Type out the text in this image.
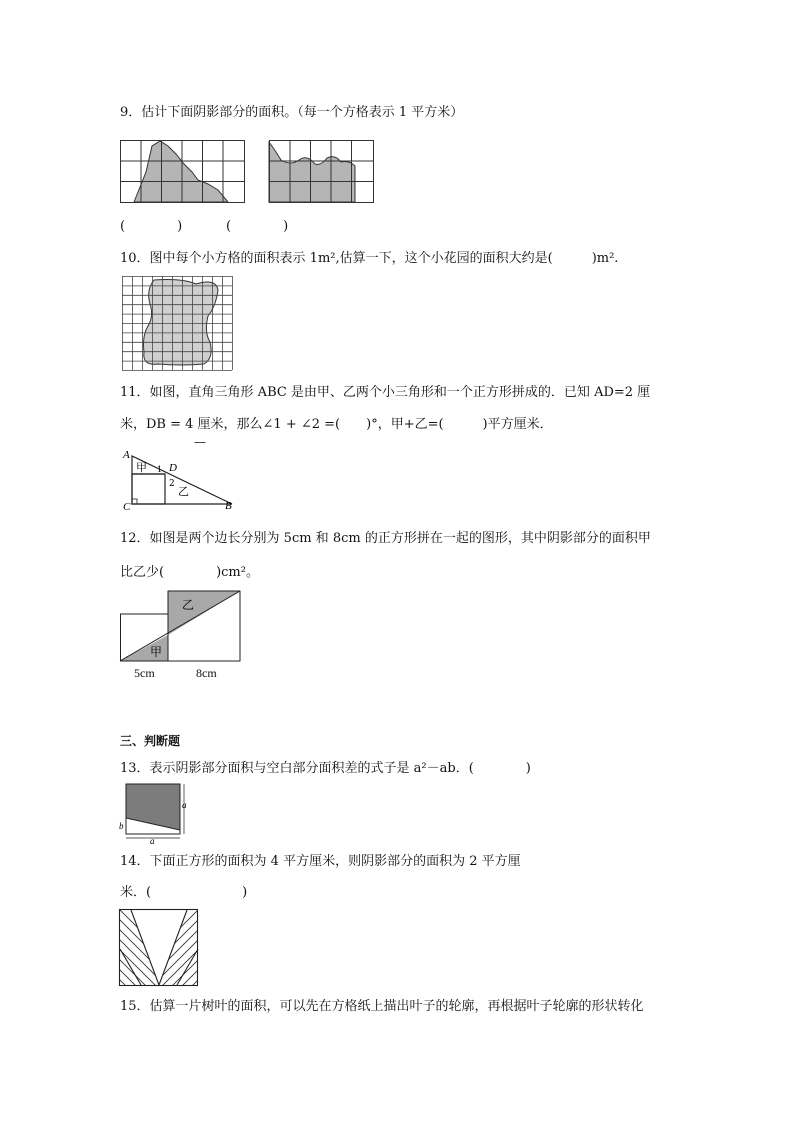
9．估计下面阴影部分的面积。（每一个方格表示 1 平方米）
(　　　　)	(　　　　)
10．图中每个小方格的面积表示 1m²,估算一下，这个小花园的面积大约是(　　　)m².
11．如图，直角三角形 ABC 是由甲、乙两个小三角形和一个正方形拼成的．已知 AD=2 厘
米，DB = 4 厘米，那么∠1 + ∠2 =(　　)°，甲+乙=(　　　)平方厘米．
—
A
C	B
D
甲
乙
1
2
12．如图是两个边长分别为 5cm 和 8cm 的正方形拼在一起的图形，其中阴影部分的面积甲
比乙少(　　　　)cm²。
甲
乙
5cm	8cm
三、判断题
13．表示阴影部分面积与空白部分面积差的式子是 a²－ab．(　　　　)
a
a
b
14．下面正方形的面积为 4 平方厘米，则阴影部分的面积为 2 平方厘
米．(　　　　　　　)
15．估算一片树叶的面积，可以先在方格纸上描出叶子的轮廓，再根据叶子轮廓的形状转化
